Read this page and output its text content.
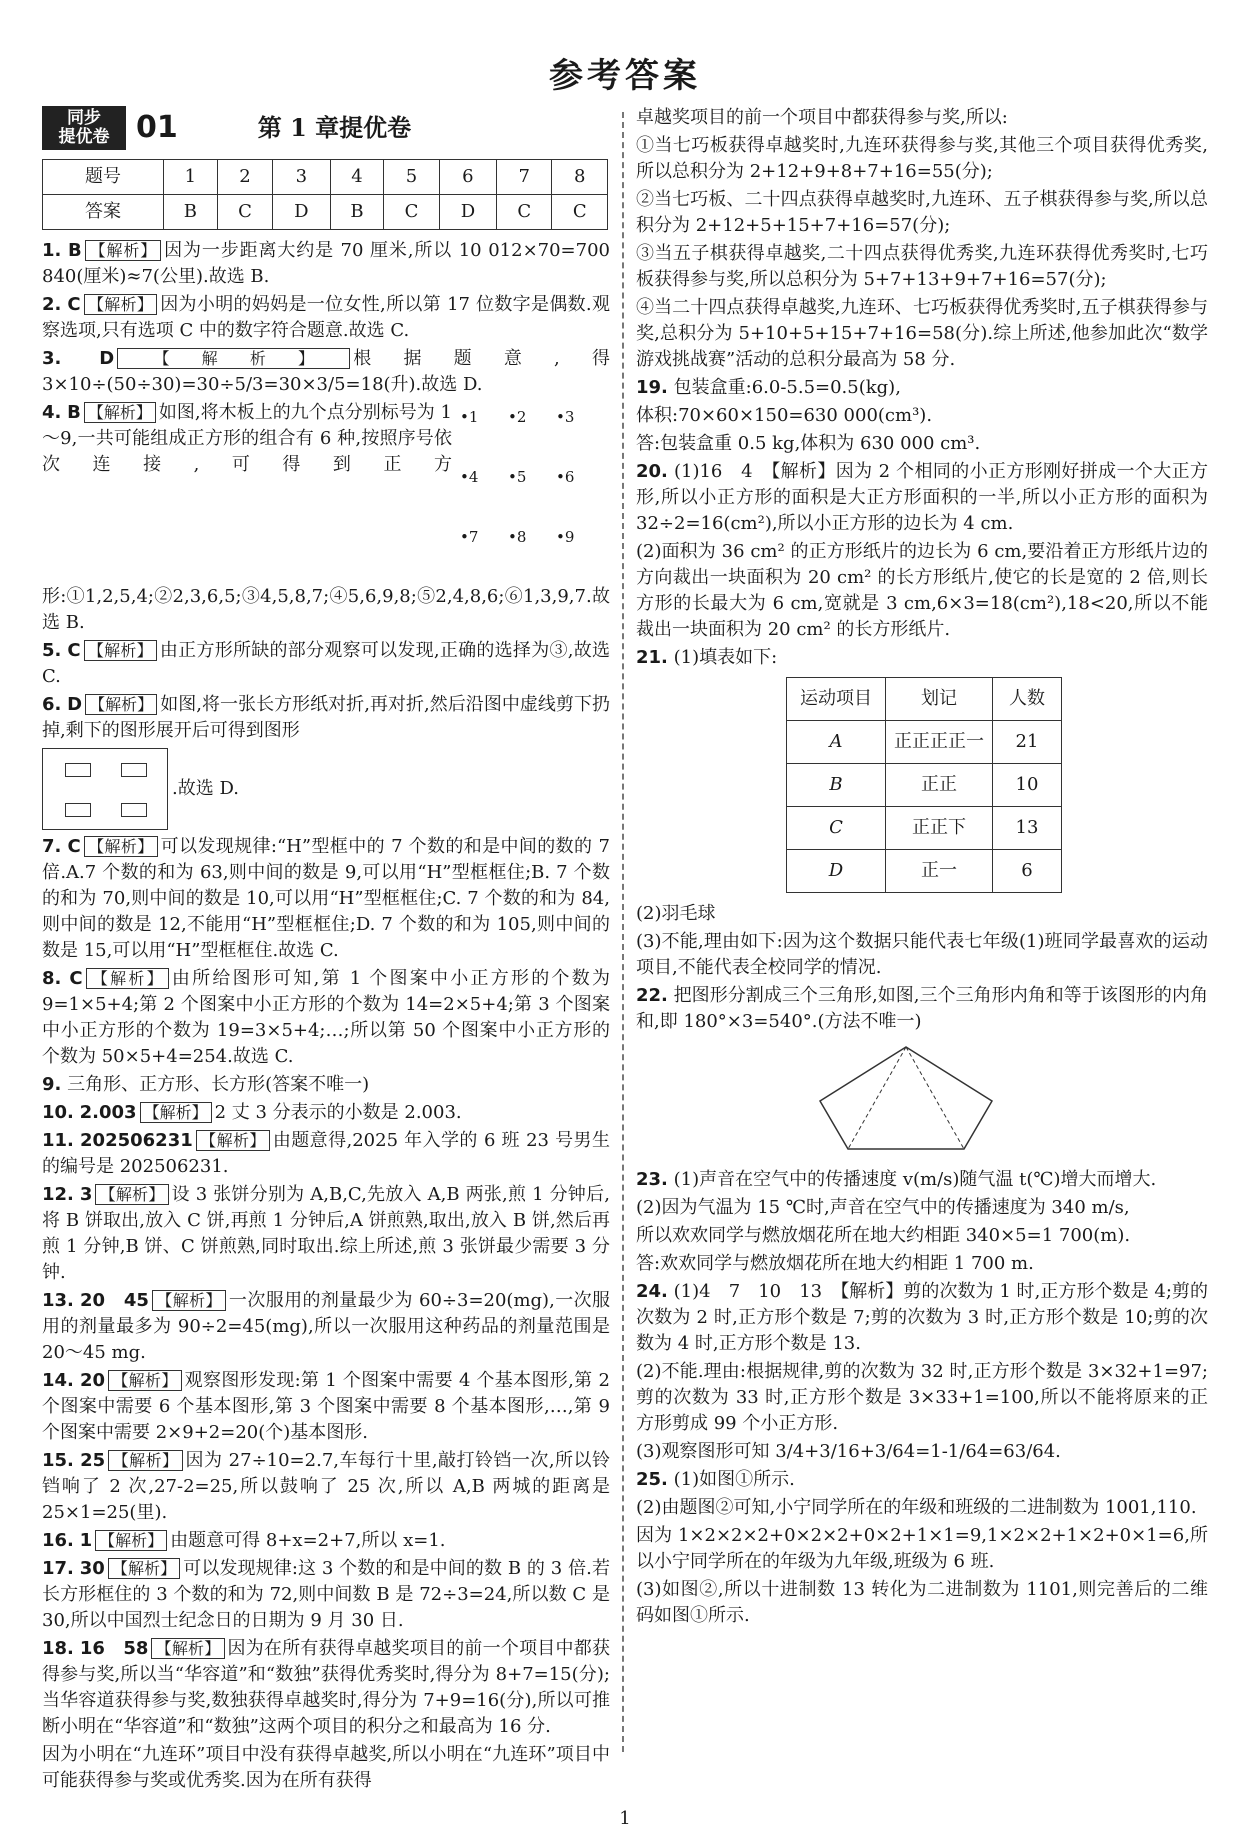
参考答案
同步
提优卷 01	第 1 章提优卷
题号	1	2	3	4	5	6	7	8
答案	B	C	D	B	C	D	C	C
1. B 【解析】 因为一步距离大约是 70 厘米,所以 10 012×70=700 840(厘米)≈7(公里).故选 B.
2. C 【解析】 因为小明的妈妈是一位女性,所以第 17 位数字是偶数.观察选项,只有选项 C 中的数字符合题意.故选 C.
3. D 【解析】 根据题意,得 3×10÷(50÷30)=30÷5/3=30×3/5=18(升).故选 D.
•1 •2 •3•4 •5 •6•7 •8 •9
4. B 【解析】 如图,将木板上的九个点分别标号为 1～9,一共可能组成正方形的组合有 6 种,按照序号依次连接,可得到正方形:①1,2,5,4;②2,3,6,5;③4,5,8,7;④5,6,9,8;⑤2,4,8,6;⑥1,3,9,7.故选 B.
5. C 【解析】 由正方形所缺的部分观察可以发现,正确的选择为③,故选 C.
6. D 【解析】 如图,将一张长方形纸对折,再对折,然后沿图中虚线剪下扔掉,剩下的图形展开后可得到图形
.故选 D.
7. C 【解析】 可以发现规律:“H”型框中的 7 个数的和是中间的数的 7 倍.A.7 个数的和为 63,则中间的数是 9,可以用“H”型框框住;B. 7 个数的和为 70,则中间的数是 10,可以用“H”型框框住;C. 7 个数的和为 84,则中间的数是 12,不能用“H”型框框住;D. 7 个数的和为 105,则中间的数是 15,可以用“H”型框框住.故选 C.
8. C 【解析】 由所给图形可知,第 1 个图案中小正方形的个数为 9=1×5+4;第 2 个图案中小正方形的个数为 14=2×5+4;第 3 个图案中小正方形的个数为 19=3×5+4;…;所以第 50 个图案中小正方形的个数为 50×5+4=254.故选 C.
9. 三角形、正方形、长方形(答案不唯一)
10. 2.003 【解析】 2 丈 3 分表示的小数是 2.003.
11. 202506231 【解析】 由题意得,2025 年入学的 6 班 23 号男生的编号是 202506231.
12. 3 【解析】 设 3 张饼分别为 A,B,C,先放入 A,B 两张,煎 1 分钟后,将 B 饼取出,放入 C 饼,再煎 1 分钟后,A 饼煎熟,取出,放入 B 饼,然后再煎 1 分钟,B 饼、C 饼煎熟,同时取出.综上所述,煎 3 张饼最少需要 3 分钟.
13. 20　45 【解析】 一次服用的剂量最少为 60÷3=20(mg),一次服用的剂量最多为 90÷2=45(mg),所以一次服用这种药品的剂量范围是 20～45 mg.
14. 20 【解析】 观察图形发现:第 1 个图案中需要 4 个基本图形,第 2 个图案中需要 6 个基本图形,第 3 个图案中需要 8 个基本图形,…,第 9 个图案中需要 2×9+2=20(个)基本图形.
15. 25 【解析】 因为 27÷10=2.7,车每行十里,敲打铃铛一次,所以铃铛响了 2 次,27-2=25,所以鼓响了 25 次,所以 A,B 两城的距离是 25×1=25(里).
16. 1 【解析】 由题意可得 8+x=2+7,所以 x=1.
17. 30 【解析】 可以发现规律:这 3 个数的和是中间的数 B 的 3 倍.若长方形框住的 3 个数的和为 72,则中间数 B 是 72÷3=24,所以数 C 是 30,所以中国烈士纪念日的日期为 9 月 30 日.
18. 16　58 【解析】 因为在所有获得卓越奖项目的前一个项目中都获得参与奖,所以当“华容道”和“数独”获得优秀奖时,得分为 8+7=15(分);当华容道获得参与奖,数独获得卓越奖时,得分为 7+9=16(分),所以可推断小明在“华容道”和“数独”这两个项目的积分之和最高为 16 分.
因为小明在“九连环”项目中没有获得卓越奖,所以小明在“九连环”项目中可能获得参与奖或优秀奖.因为在所有获得
卓越奖项目的前一个项目中都获得参与奖,所以:
①当七巧板获得卓越奖时,九连环获得参与奖,其他三个项目获得优秀奖,所以总积分为 2+12+9+8+7+16=55(分);
②当七巧板、二十四点获得卓越奖时,九连环、五子棋获得参与奖,所以总积分为 2+12+5+15+7+16=57(分);
③当五子棋获得卓越奖,二十四点获得优秀奖,九连环获得优秀奖时,七巧板获得参与奖,所以总积分为 5+7+13+9+7+16=57(分);
④当二十四点获得卓越奖,九连环、七巧板获得优秀奖时,五子棋获得参与奖,总积分为 5+10+5+15+7+16=58(分).综上所述,他参加此次“数学游戏挑战赛”活动的总积分最高为 58 分.
19. 包装盒重:6.0-5.5=0.5(kg),
体积:70×60×150=630 000(cm³).
答:包装盒重 0.5 kg,体积为 630 000 cm³.
20. (1)16　4　【解析】因为 2 个相同的小正方形刚好拼成一个大正方形,所以小正方形的面积是大正方形面积的一半,所以小正方形的面积为 32÷2=16(cm²),所以小正方形的边长为 4 cm.
(2)面积为 36 cm² 的正方形纸片的边长为 6 cm,要沿着正方形纸片边的方向裁出一块面积为 20 cm² 的长方形纸片,使它的长是宽的 2 倍,则长方形的长最大为 6 cm,宽就是 3 cm,6×3=18(cm²),18<20,所以不能裁出一块面积为 20 cm² 的长方形纸片.
21. (1)填表如下:
运动项目	划记	人数
A	正正正正一	21
B	正正	10
C	正正下	13
D	正一	6
(2)羽毛球
(3)不能,理由如下:因为这个数据只能代表七年级(1)班同学最喜欢的运动项目,不能代表全校同学的情况.
22. 把图形分割成三个三角形,如图,三个三角形内角和等于该图形的内角和,即 180°×3=540°.(方法不唯一)
23. (1)声音在空气中的传播速度 v(m/s)随气温 t(℃)增大而增大.
(2)因为气温为 15 ℃时,声音在空气中的传播速度为 340 m/s,
所以欢欢同学与燃放烟花所在地大约相距 340×5=1 700(m).
答:欢欢同学与燃放烟花所在地大约相距 1 700 m.
24. (1)4　7　10　13　【解析】剪的次数为 1 时,正方形个数是 4;剪的次数为 2 时,正方形个数是 7;剪的次数为 3 时,正方形个数是 10;剪的次数为 4 时,正方形个数是 13.
(2)不能.理由:根据规律,剪的次数为 32 时,正方形个数是 3×32+1=97;剪的次数为 33 时,正方形个数是 3×33+1=100,所以不能将原来的正方形剪成 99 个小正方形.
(3)观察图形可知 3/4+3/16+3/64=1-1/64=63/64.
25. (1)如图①所示.
(2)由题图②可知,小宁同学所在的年级和班级的二进制数为 1001,110.
因为 1×2×2×2+0×2×2+0×2+1×1=9,1×2×2+1×2+0×1=6,所以小宁同学所在的年级为九年级,班级为 6 班.
(3)如图②,所以十进制数 13 转化为二进制数为 1101,则完善后的二维码如图①所示.
1
